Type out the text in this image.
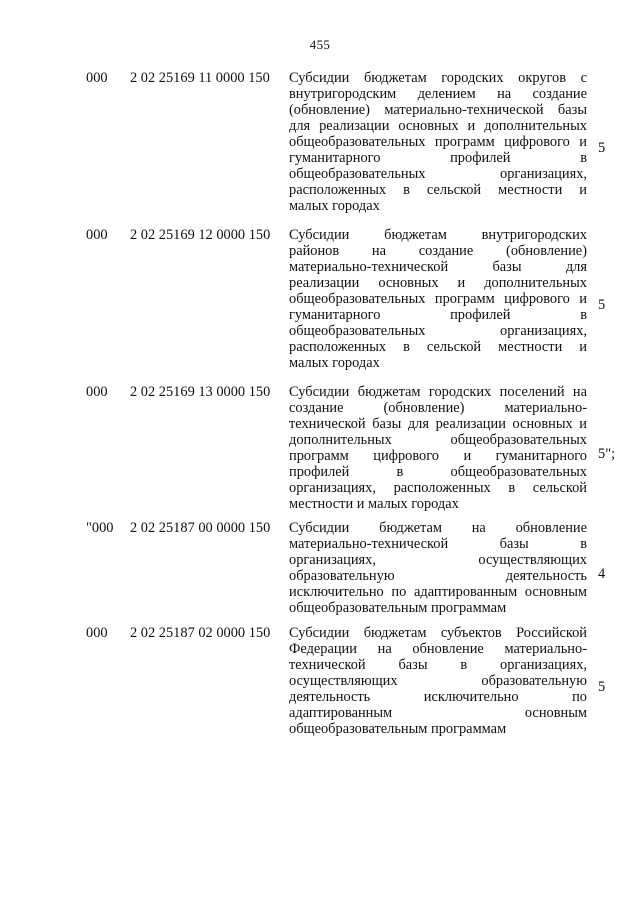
455
000 2 02 25169 11 0000 150 Субсидии бюджетам городских округов с
внутригородским делением на создание
(обновление) материально-технической базы
для реализации основных и дополнительных
общеобразовательных программ цифрового и
гуманитарного профилей в
общеобразовательных организациях,
расположенных в сельской местности и
малых городах
5
000 2 02 25169 12 0000 150 Субсидии бюджетам внутригородских
районов на создание (обновление)
материально-технической базы для
реализации основных и дополнительных
общеобразовательных программ цифрового и
гуманитарного профилей в
общеобразовательных организациях,
расположенных в сельской местности и
малых городах
5
000 2 02 25169 13 0000 150 Субсидии бюджетам городских поселений на
создание (обновление) материально-
технической базы для реализации основных и
дополнительных общеобразовательных
программ цифрового и гуманитарного
профилей в общеобразовательных
организациях, расположенных в сельской
местности и малых городах
5";
"000 2 02 25187 00 0000 150 Субсидии бюджетам на обновление
материально-технической базы в
организациях, осуществляющих
образовательную деятельность
исключительно по адаптированным основным
общеобразовательным программам
4
000 2 02 25187 02 0000 150 Субсидии бюджетам субъектов Российской
Федерации на обновление материально-
технической базы в организациях,
осуществляющих образовательную
деятельность исключительно по
адаптированным основным
общеобразовательным программам
5
